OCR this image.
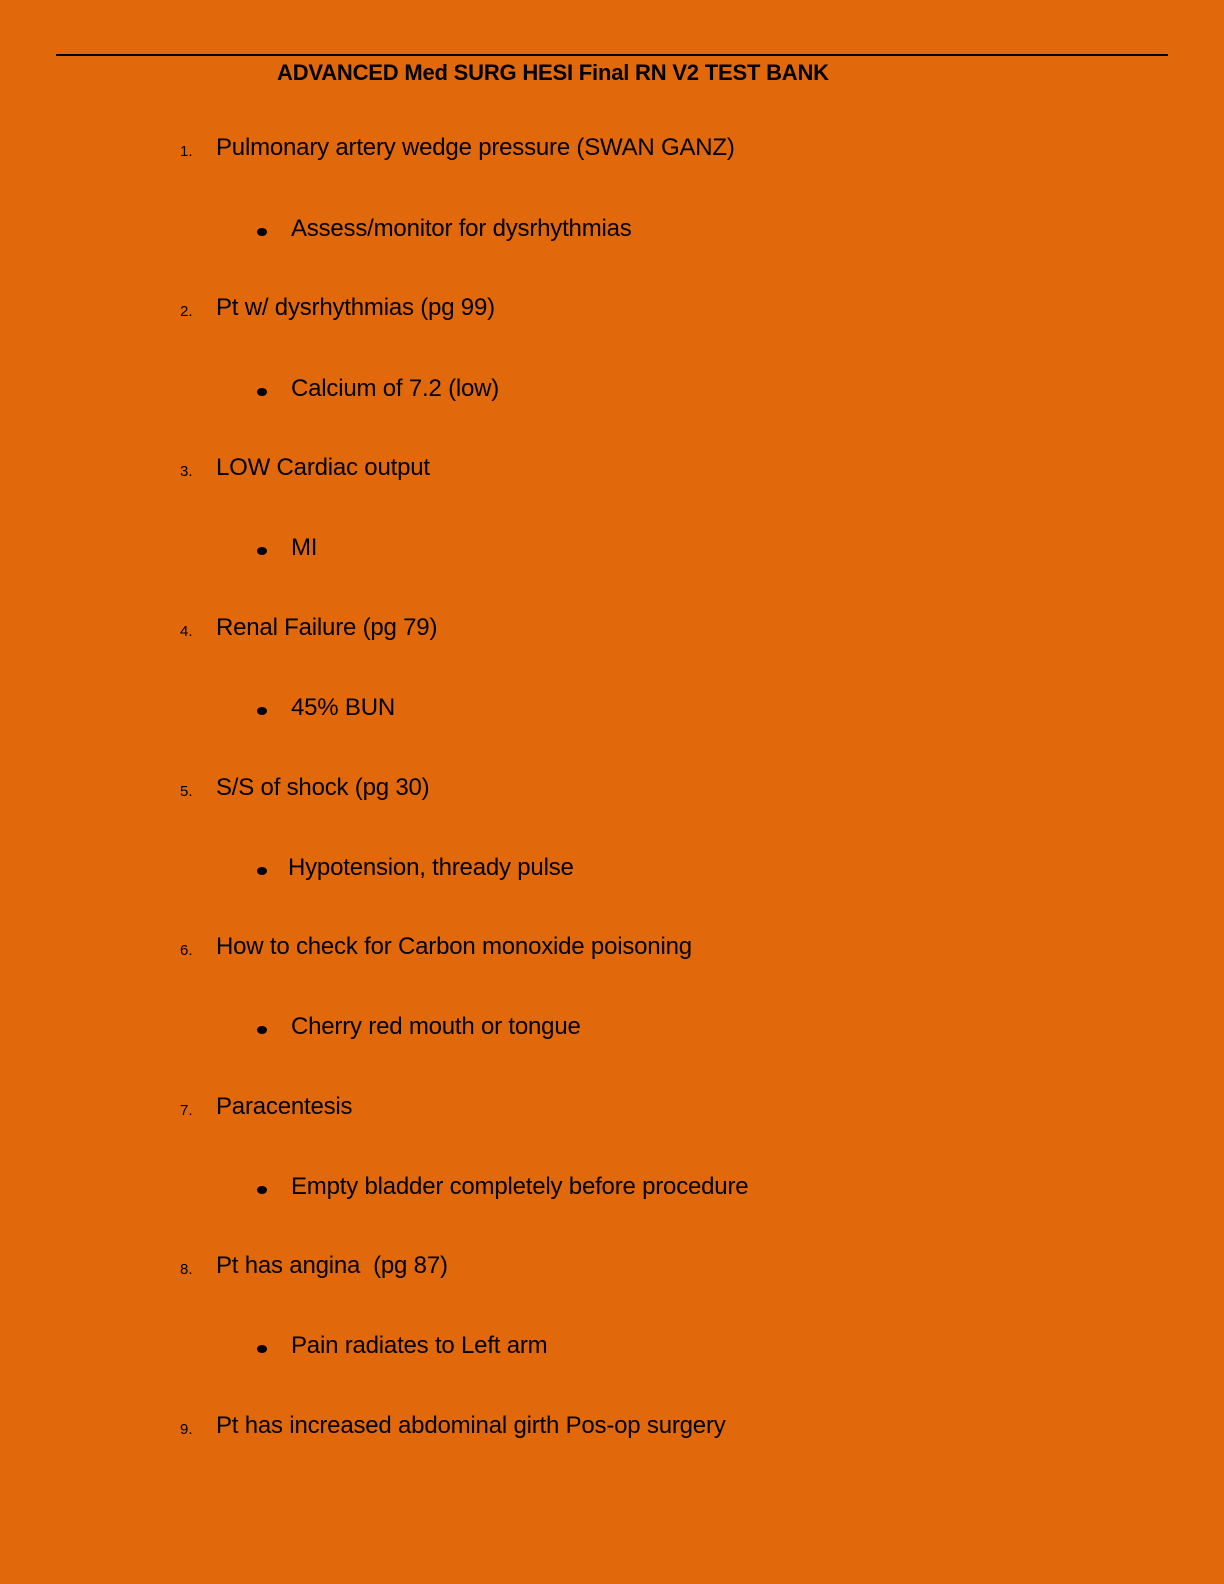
ADVANCED Med SURG HESI Final RN V2 TEST BANK
1. Pulmonary artery wedge pressure (SWAN GANZ)
Assess/monitor for dysrhythmias
2. Pt w/ dysrhythmias (pg 99)
Calcium of 7.2 (low)
3. LOW Cardiac output
MI
4. Renal Failure (pg 79)
45% BUN
5. S/S of shock (pg 30)
Hypotension, thready pulse
6. How to check for Carbon monoxide poisoning
Cherry red mouth or tongue
7. Paracentesis
Empty bladder completely before procedure
8. Pt has angina  (pg 87)
Pain radiates to Left arm
9. Pt has increased abdominal girth Pos-op surgery
